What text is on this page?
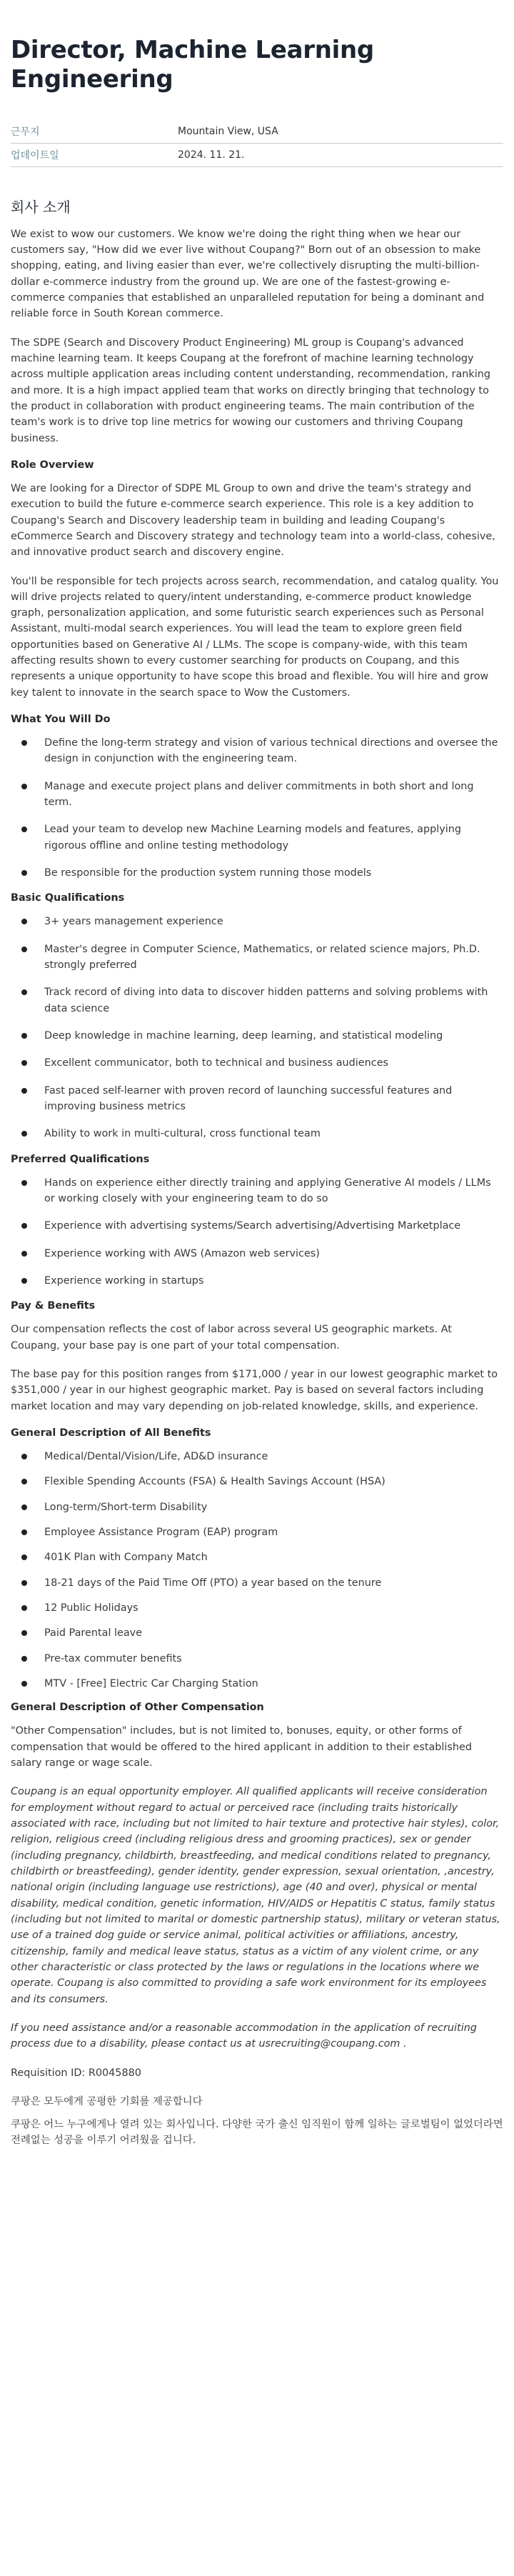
Director, Machine Learning Engineering
근무지	Mountain View, USA
업데이트일	2024. 11. 21.
회사 소개

We exist to wow our customers. We know we're doing the right thing when we hear our customers say, "How did we ever live without Coupang?" Born out of an obsession to make shopping, eating, and living easier than ever, we're collectively disrupting the multi-billion-dollar e-commerce industry from the ground up. We are one of the fastest-growing e-commerce companies that established an unparalleled reputation for being a dominant and reliable force in South Korean commerce.

The SDPE (Search and Discovery Product Engineering) ML group is Coupang's advanced machine learning team. It keeps Coupang at the forefront of machine learning technology across multiple application areas including content understanding, recommendation, ranking and more. It is a high impact applied team that works on directly bringing that technology to the product in collaboration with product engineering teams. The main contribution of the team's work is to drive top line metrics for wowing our customers and thriving Coupang business.

Role Overview

We are looking for a Director of SDPE ML Group to own and drive the team's strategy and execution to build the future e-commerce search experience. This role is a key addition to Coupang's Search and Discovery leadership team in building and leading Coupang's eCommerce Search and Discovery strategy and technology team into a world-class, cohesive, and innovative product search and discovery engine.

You'll be responsible for tech projects across search, recommendation, and catalog quality. You will drive projects related to query/intent understanding, e-commerce product knowledge graph, personalization application, and some futuristic search experiences such as Personal Assistant, multi-modal search experiences. You will lead the team to explore green field opportunities based on Generative AI / LLMs. The scope is company-wide, with this team affecting results shown to every customer searching for products on Coupang, and this represents a unique opportunity to have scope this broad and flexible. You will hire and grow key talent to innovate in the search space to Wow the Customers.

What You Will Do
Define the long-term strategy and vision of various technical directions and oversee the design in conjunction with the engineering team.
Manage and execute project plans and deliver commitments in both short and long term.
Lead your team to develop new Machine Learning models and features, applying rigorous offline and online testing methodology
Be responsible for the production system running those models
Basic Qualifications
3+ years management experience
Master's degree in Computer Science, Mathematics, or related science majors, Ph.D. strongly preferred
Track record of diving into data to discover hidden patterns and solving problems with data science
Deep knowledge in machine learning, deep learning, and statistical modeling
Excellent communicator, both to technical and business audiences
Fast paced self-learner with proven record of launching successful features and improving business metrics
Ability to work in multi-cultural, cross functional team
Preferred Qualifications
Hands on experience either directly training and applying Generative AI models / LLMs or working closely with your engineering team to do so
Experience with advertising systems/Search advertising/Advertising Marketplace
Experience working with AWS (Amazon web services)
Experience working in startups
Pay & Benefits

Our compensation reflects the cost of labor across several US geographic markets. At Coupang, your base pay is one part of your total compensation.

The base pay for this position ranges from $171,000 / year in our lowest geographic market to $351,000 / year in our highest geographic market. Pay is based on several factors including market location and may vary depending on job-related knowledge, skills, and experience.

General Description of All Benefits
Medical/Dental/Vision/Life, AD&D insurance
Flexible Spending Accounts (FSA) & Health Savings Account (HSA)
Long-term/Short-term Disability
Employee Assistance Program (EAP) program
401K Plan with Company Match
18-21 days of the Paid Time Off (PTO) a year based on the tenure
12 Public Holidays
Paid Parental leave
Pre-tax commuter benefits
MTV - [Free] Electric Car Charging Station
General Description of Other Compensation

"Other Compensation" includes, but is not limited to, bonuses, equity, or other forms of compensation that would be offered to the hired applicant in addition to their established salary range or wage scale.

Coupang is an equal opportunity employer. All qualified applicants will receive consideration for employment without regard to actual or perceived race (including traits historically associated with race, including but not limited to hair texture and protective hair styles), color, religion, religious creed (including religious dress and grooming practices), sex or gender (including pregnancy, childbirth, breastfeeding, and medical conditions related to pregnancy, childbirth or breastfeeding), gender identity, gender expression, sexual orientation, ,ancestry, national origin (including language use restrictions), age (40 and over), physical or mental disability, medical condition, genetic information, HIV/AIDS or Hepatitis C status, family status (including but not limited to marital or domestic partnership status), military or veteran status, use of a trained dog guide or service animal, political activities or affiliations, ancestry, citizenship, family and medical leave status, status as a victim of any violent crime, or any other characteristic or class protected by the laws or regulations in the locations where we operate. Coupang is also committed to providing a safe work environment for its employees and its consumers.

If you need assistance and/or a reasonable accommodation in the application of recruiting process due to a disability, please contact us at usrecruiting@coupang.com .

Requisition ID: R0045880

쿠팡은 모두에게 공평한 기회를 제공합니다

쿠팡은 어느 누구에게나 열려 있는 회사입니다. 다양한 국가 출신 임직원이 함께 일하는 글로벌팀이 없었더라면 전례없는 성공을 이루기 어려웠을 겁니다.
